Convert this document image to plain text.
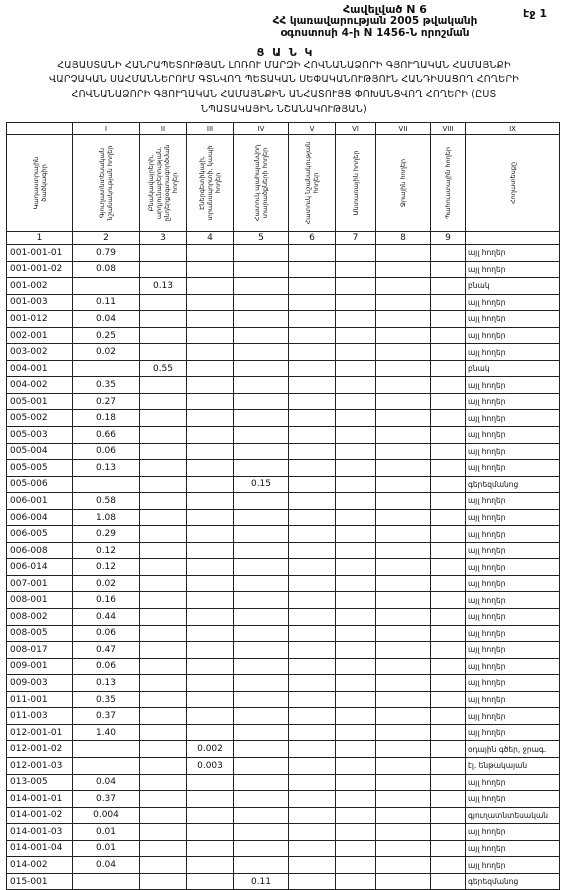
Հավելված N 6
ՀՀ կառավարության 2005 թվականի
օգոստոսի 4-ի N 1456-Ն որոշման
էջ 1
Ց Ա Ն Կ
ՀԱՅԱՍՏԱՆԻ ՀԱՆՐԱՊԵՏՈՒԹՅԱՆ ԼՈՌՈՒ ՄԱՐԶԻ ՀՈՎՆԱՆԱՁՈՐԻ ԳՅՈՒՂԱԿԱՆ ՀԱՄԱՅՆՔԻ
ՎԱՐՉԱԿԱՆ ՍԱՀՄԱՆՆԵՐՈՒՄ ԳՏՆՎՈՂ ՊԵՏԱԿԱՆ ՍԵՓԱԿԱՆՈՒԹՅՈՒՆ ՀԱՆԴԻՍԱՑՈՂ ՀՈՂԵՐԻ
ՀՈՎՆԱՆԱՁՈՐԻ ԳՅՈՒՂԱԿԱՆ ՀԱՄԱՅՆՔԻՆ ԱՆՀԱՏՈՒՅՑ ՓՈԽԱՆՑՎՈՂ ՀՈՂԵՐԻ (ԸՍՏ
ՆՊԱՏԱԿԱՅԻՆ ՆՇԱՆԱԿՈՒԹՅԱՆ)
	I	II	III	IV	V	VI	VII	VIII	IX

Կադաստրային ծածկագիր	Գյուղատնտեսական նշանակության հողեր	Բնակավայրերի, արդյունաբերության, ընդերքօգտագործման հողեր	Էներգետիկայի, տրանսպորտի, կապի հողեր	Հատուկ պահպանվող տարածքների հողեր	Հատուկ նշանակության հողեր	Անտառային հողեր	Ջրային հողեր	Պահուստային հողեր	Հողատեսքը

1	2	3	4	5	6	7	8	9	
001-001-01	0.79								այլ հողեր
001-001-02	0.08								այլ հողեր
001-002		0.13							բնակ
001-003	0.11								այլ հողեր
001-012	0.04								այլ հողեր
002-001	0.25								այլ հողեր
003-002	0.02								այլ հողեր
004-001		0.55							բնակ
004-002	0.35								այլ հողեր
005-001	0.27								այլ հողեր
005-002	0.18								այլ հողեր
005-003	0.66								այլ հողեր
005-004	0.06								այլ հողեր
005-005	0.13								այլ հողեր
005-006				0.15					գերեզմանոց
006-001	0.58								այլ հողեր
006-004	1.08								այլ հողեր
006-005	0.29								այլ հողեր
006-008	0.12								այլ հողեր
006-014	0.12								այլ հողեր
007-001	0.02								այլ հողեր
008-001	0.16								այլ հողեր
008-002	0.44								այլ հողեր
008-005	0.06								այլ հողեր
008-017	0.47								այլ հողեր
009-001	0.06								այլ հողեր
009-003	0.13								այլ հողեր
011-001	0.35								այլ հողեր
011-003	0.37								այլ հողեր
012-001-01	1.40								այլ հողեր
012-001-02			0.002						օդային գծեր, ջրագ.
012-001-03			0.003						էլ. ենթակայան
013-005	0.04								այլ հողեր
014-001-01	0.37								այլ հողեր
014-001-02	0.004								գյուղատնտեսական
014-001-03	0.01								այլ հողեր
014-001-04	0.01								այլ հողեր
014-002	0.04								այլ հողեր
015-001				0.11					գերեզմանոց
